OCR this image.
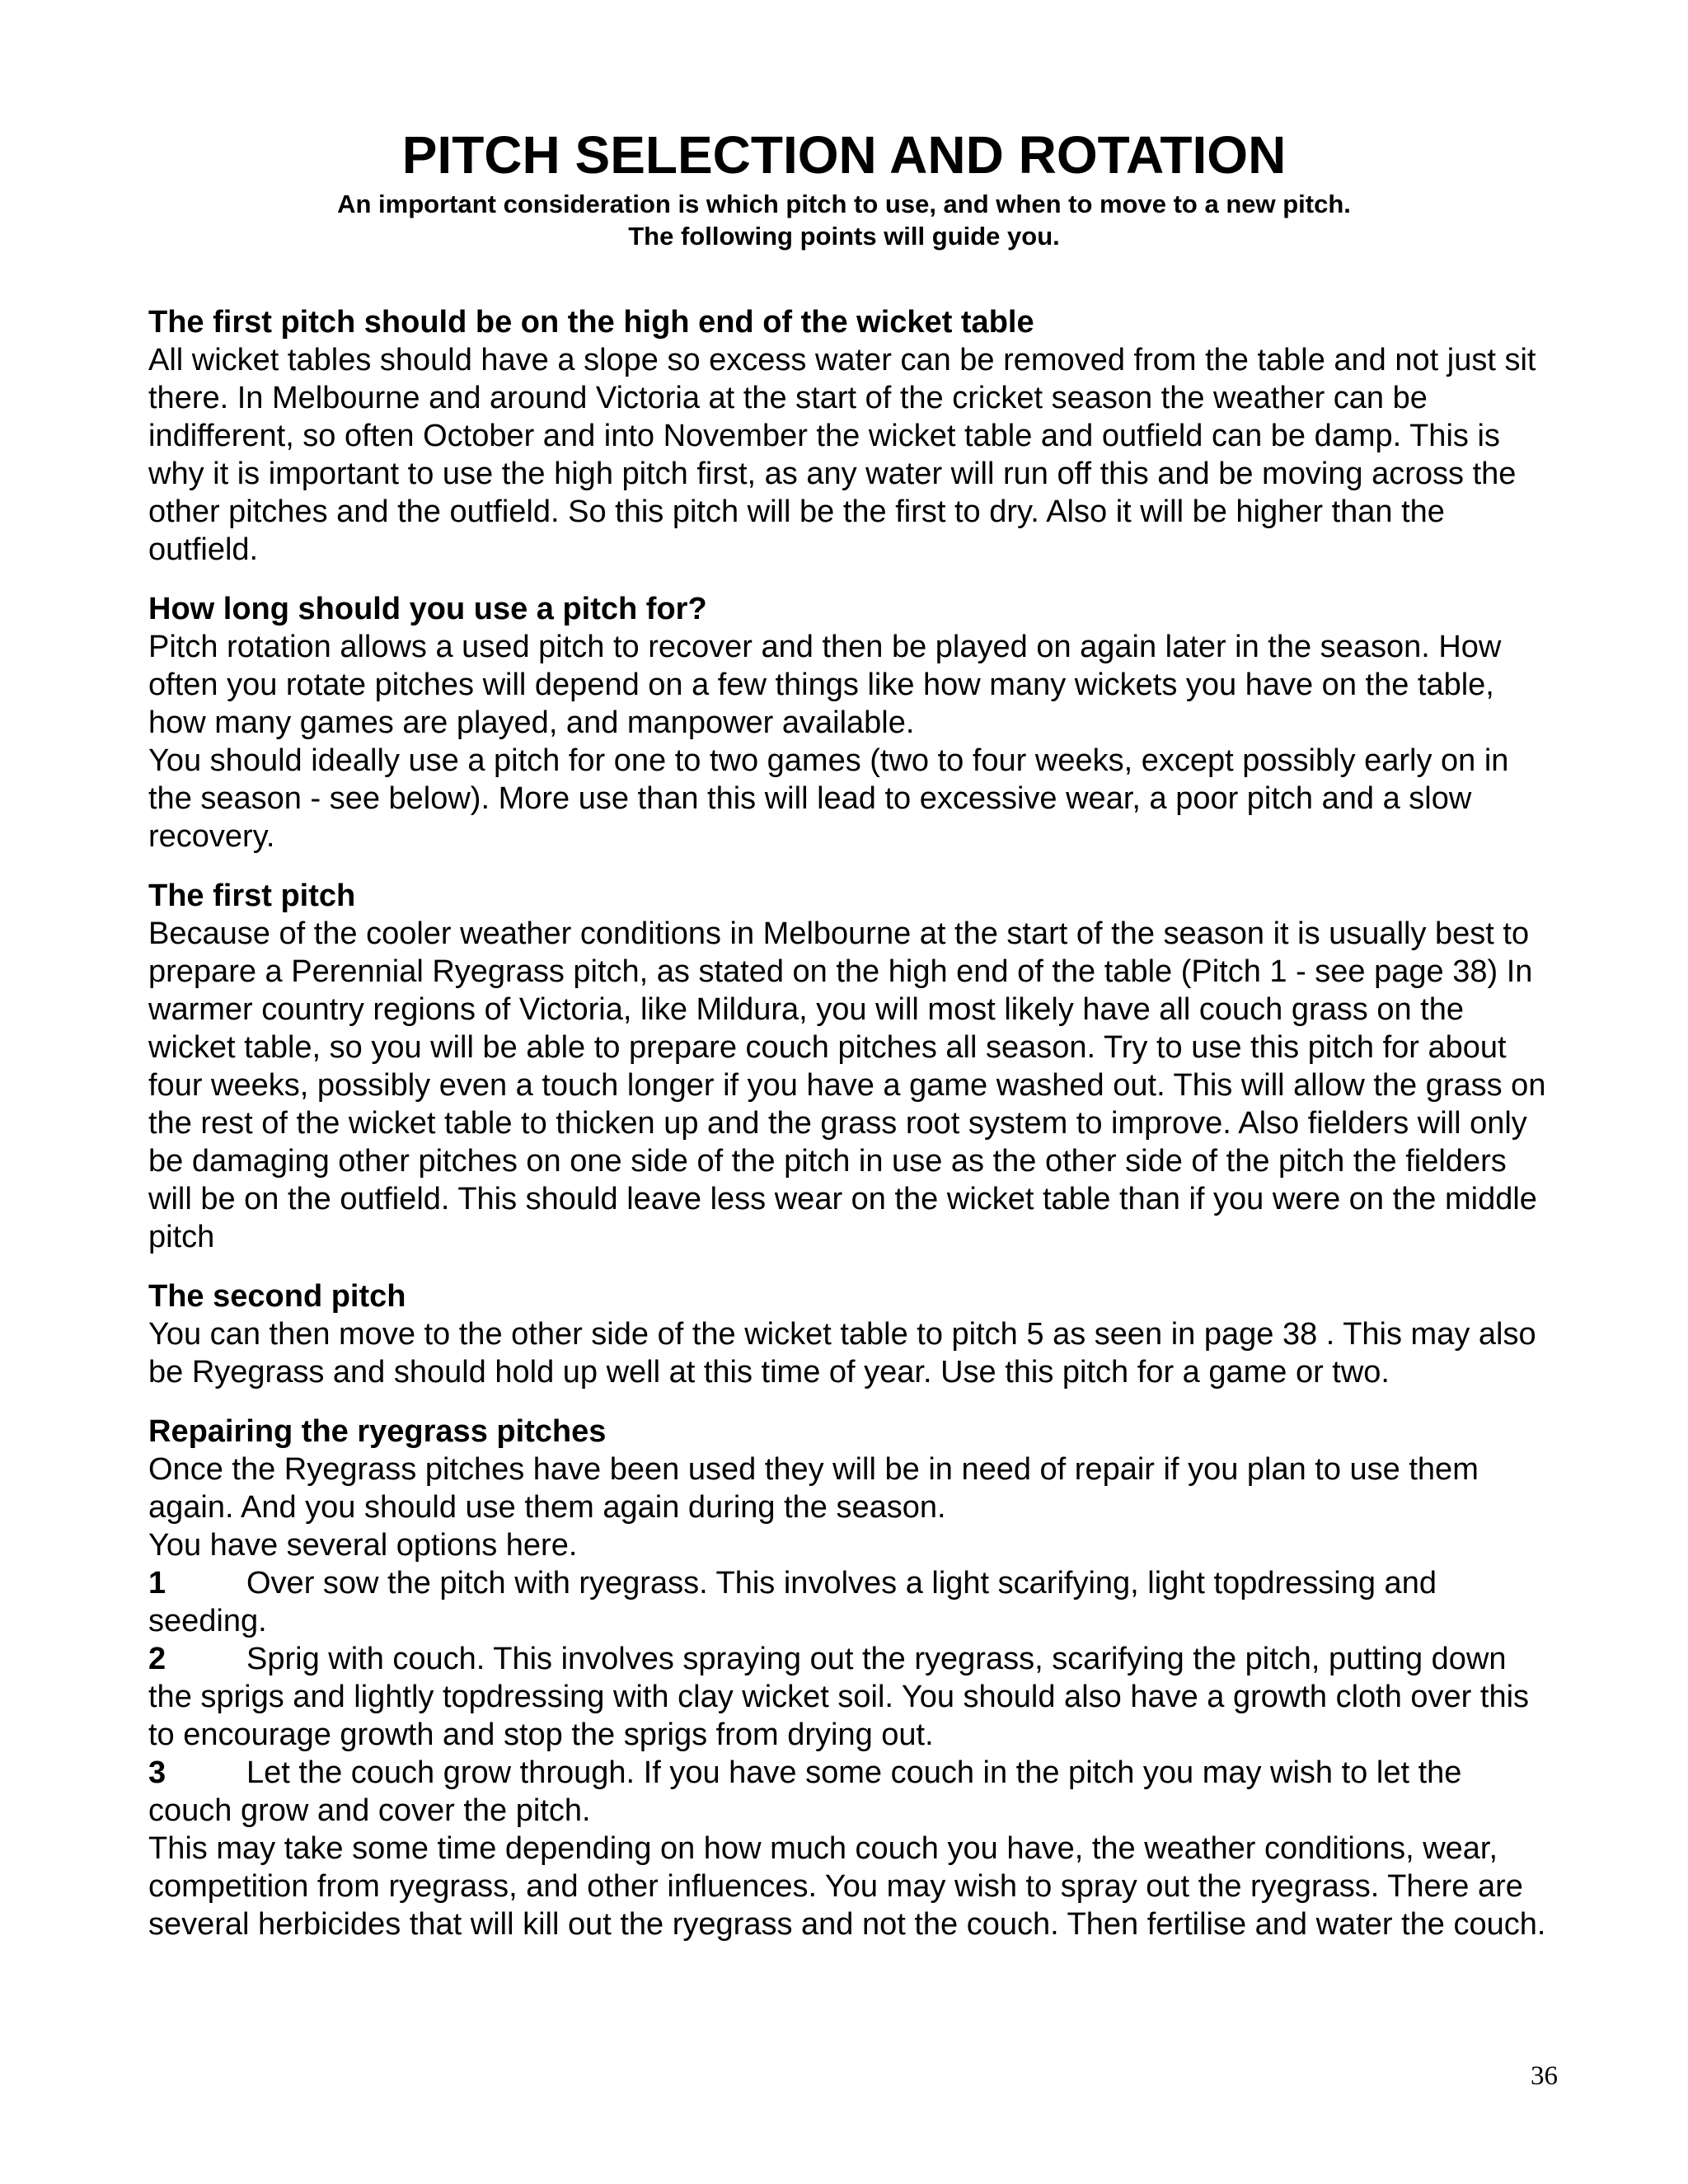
PITCH SELECTION AND ROTATION
An important consideration is which pitch to use, and when to move to a new pitch.
The following points will guide you.

The first pitch should be on the high end of the wicket table

All wicket tables should have a slope so excess water can be removed from the table and not just sit there. In Melbourne and around Victoria at the start of the cricket season the weather can be indifferent, so often October and into November the wicket table and outfield can be damp. This is why it is important to use the high pitch first, as any water will run off this and be moving across the other pitches and the outfield. So this pitch will be the first to dry. Also it will be higher than the outfield.

How long should you use a pitch for?

Pitch rotation allows a used pitch to recover and then be played on again later in the season. How often you rotate pitches will depend on a few things like how many wickets you have on the table, how many games are played, and manpower available.

You should ideally use a pitch for one to two games (two to four weeks, except possibly early on in the season - see below). More use than this will lead to excessive wear, a poor pitch and a slow recovery.

The first pitch

Because of the cooler weather conditions in Melbourne at the start of the season it is usually best to prepare a Perennial Ryegrass pitch, as stated on the high end of the table (Pitch 1 - see page 38) In warmer country regions of Victoria, like Mildura, you will most likely have all couch grass on the wicket table, so you will be able to prepare couch pitches all season. Try to use this pitch for about four weeks, possibly even a touch longer if you have a game washed out. This will allow the grass on the rest of the wicket table to thicken up and the grass root system to improve. Also fielders will only be damaging other pitches on one side of the pitch in use as the other side of the pitch the fielders will be on the outfield. This should leave less wear on the wicket table than if you were on the middle pitch

The second pitch

You can then move to the other side of the wicket table to pitch 5 as seen in page 38 . This may also be Ryegrass and should hold up well at this time of year. Use this pitch for a game or two.

Repairing the ryegrass pitches

Once the Ryegrass pitches have been used they will be in need of repair if you plan to use them again. And you should use them again during the season.

You have several options here.

1	Over sow the pitch with ryegrass. This involves a light scarifying, light topdressing and seeding.

2	Sprig with couch. This involves spraying out the ryegrass, scarifying the pitch, putting down the sprigs and lightly topdressing with clay wicket soil. You should also have a growth cloth over this to encourage growth and stop the sprigs from drying out.

3	Let the couch grow through. If you have some couch in the pitch you may wish to let the couch grow and cover the pitch.

This may take some time depending on how much couch you have, the weather conditions, wear, competition from ryegrass, and other influences. You may wish to spray out the ryegrass. There are several herbicides that will kill out the ryegrass and not the couch. Then fertilise and water the couch.

36
